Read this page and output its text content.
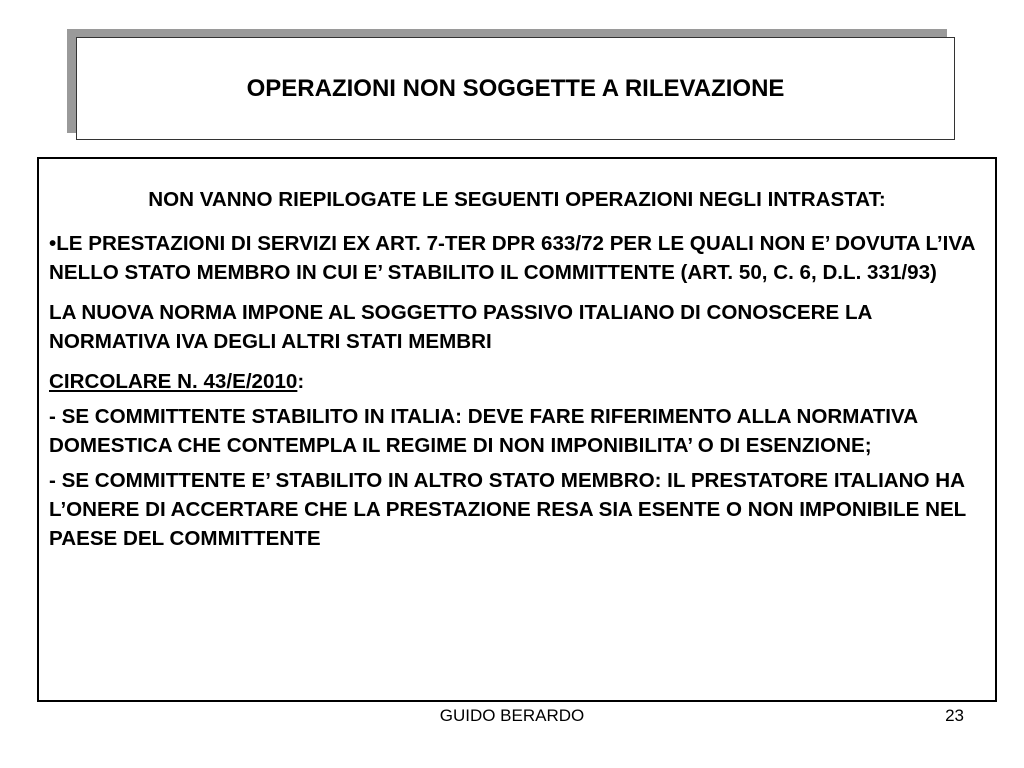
OPERAZIONI NON SOGGETTE A RILEVAZIONE

NON VANNO RIEPILOGATE LE SEGUENTI OPERAZIONI NEGLI INTRASTAT:

•LE PRESTAZIONI DI SERVIZI EX ART. 7-TER DPR 633/72 PER LE QUALI NON E’ DOVUTA L’IVA NELLO STATO MEMBRO IN CUI E’ STABILITO IL COMMITTENTE (ART. 50, C. 6, D.L. 331/93)

LA NUOVA NORMA IMPONE AL SOGGETTO PASSIVO ITALIANO DI CONOSCERE LA NORMATIVA IVA DEGLI ALTRI STATI MEMBRI

CIRCOLARE N. 43/E/2010:

- SE COMMITTENTE STABILITO IN ITALIA: DEVE FARE RIFERIMENTO ALLA NORMATIVA DOMESTICA CHE CONTEMPLA IL REGIME DI NON IMPONIBILITA’ O DI ESENZIONE;

- SE COMMITTENTE E’ STABILITO IN ALTRO STATO MEMBRO: IL PRESTATORE ITALIANO HA L’ONERE DI ACCERTARE CHE LA PRESTAZIONE RESA SIA ESENTE O NON IMPONIBILE NEL PAESE DEL COMMITTENTE

GUIDO BERARDO	23
